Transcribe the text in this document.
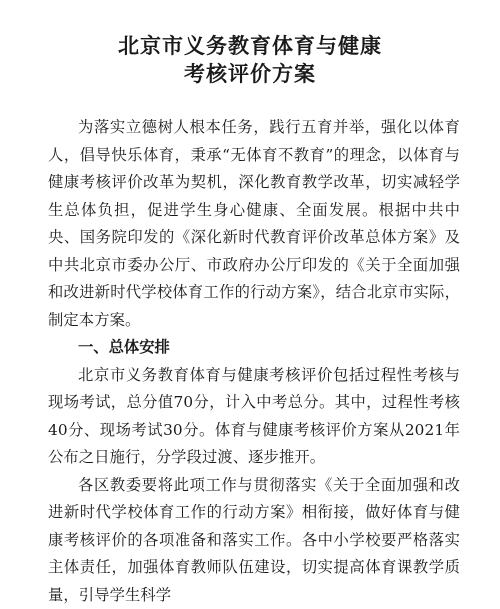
北京市义务教育体育与健康
考核评价方案

为落实立德树人根本任务，践行五育并举，强化以体育人，倡导快乐体育，秉承“无体育不教育”的理念，以体育与健康考核评价改革为契机，深化教育教学改革，切实减轻学生总体负担，促进学生身心健康、全面发展。根据中共中央、国务院印发的《深化新时代教育评价改革总体方案》及中共北京市委办公厅、市政府办公厅印发的《关于全面加强和改进新时代学校体育工作的行动方案》，结合北京市实际，制定本方案。

一、总体安排

北京市义务教育体育与健康考核评价包括过程性考核与现场考试，总分值70分，计入中考总分。其中，过程性考核40分、现场考试30分。体育与健康考核评价方案从2021年公布之日施行，分学段过渡、逐步推开。

各区教委要将此项工作与贯彻落实《关于全面加强和改进新时代学校体育工作的行动方案》相衔接，做好体育与健康考核评价的各项准备和落实工作。各中小学校要严格落实主体责任，加强体育教师队伍建设，切实提高体育课教学质量，引导学生科学
